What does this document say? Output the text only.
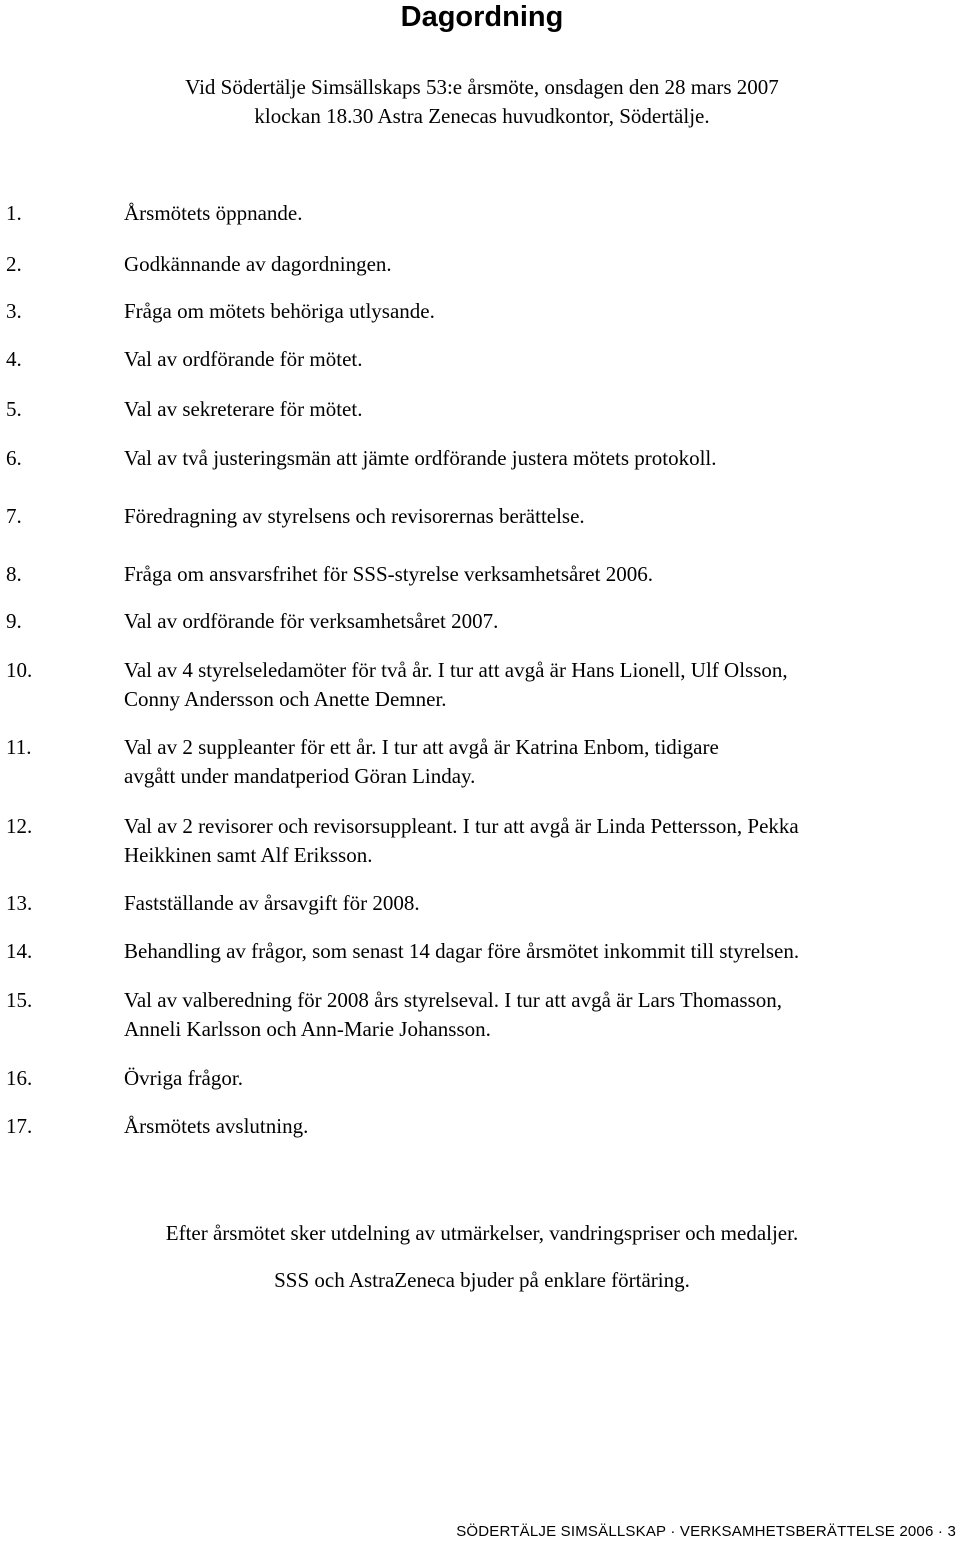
Dagordning
Vid Södertälje Simsällskaps 53:e årsmöte, onsdagen den 28 mars 2007
klockan 18.30 Astra Zenecas huvudkontor, Södertälje.
1.	Årsmötets öppnande.
2.	Godkännande av dagordningen.
3.	Fråga om mötets behöriga utlysande.
4.	Val av ordförande för mötet.
5.	Val av sekreterare för mötet.
6.	Val av två justeringsmän att jämte ordförande justera mötets protokoll.
7.	Föredragning av styrelsens och revisorernas berättelse.
8.	Fråga om ansvarsfrihet för SSS-styrelse verksamhetsåret 2006.
9.	Val av ordförande för verksamhetsåret 2007.
10.	Val av 4 styrelseledamöter för två år. I tur att avgå är Hans Lionell, Ulf Olsson,
Conny Andersson och Anette Demner.
11.	Val av 2 suppleanter för ett år. I tur att avgå är Katrina Enbom, tidigare
avgått under mandatperiod Göran Linday.
12.	Val av 2 revisorer och revisorsuppleant. I tur att avgå är Linda Pettersson, Pekka
Heikkinen samt Alf Eriksson.
13.	Fastställande av årsavgift för 2008.
14.	Behandling av frågor, som senast 14 dagar före årsmötet inkommit till styrelsen.
15.	Val av valberedning för 2008 års styrelseval. I tur att avgå är Lars Thomasson,
Anneli Karlsson och Ann-Marie Johansson.
16.	Övriga frågor.
17.	Årsmötets avslutning.
Efter årsmötet sker utdelning av utmärkelser, vandringspriser och medaljer.
SSS och AstraZeneca bjuder på enklare förtäring.
SÖDERTÄLJE SIMSÄLLSKAP · VERKSAMHETSBERÄTTELSE 2006 · 3
